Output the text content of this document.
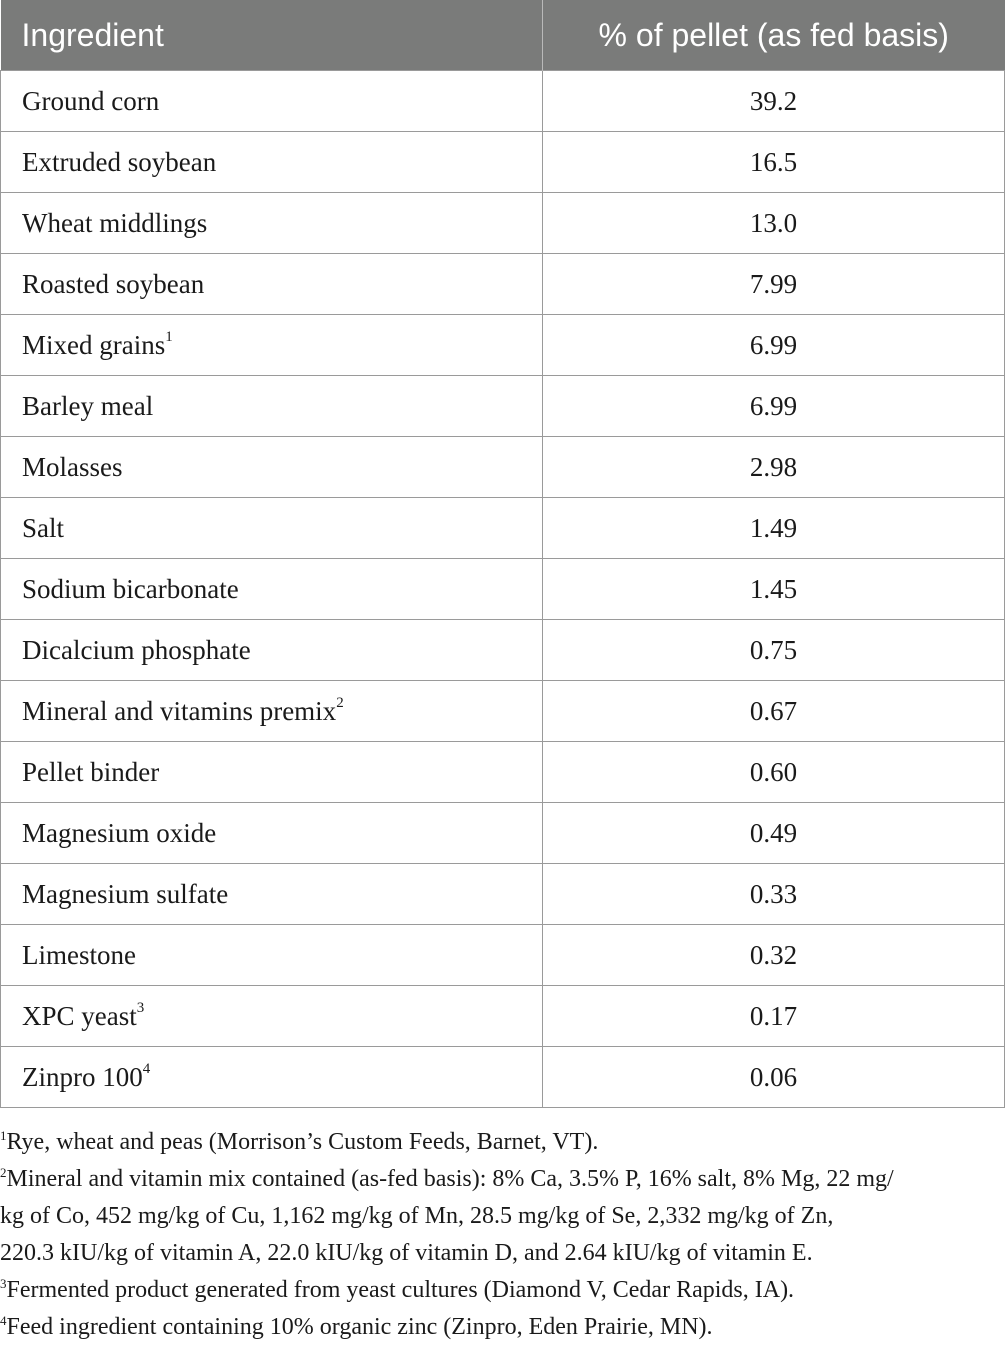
Ingredient	% of pellet (as fed basis)
Ground corn	39.2
Extruded soybean	16.5
Wheat middlings	13.0
Roasted soybean	7.99
Mixed grains$^1$	6.99
Barley meal	6.99
Molasses	2.98
Salt	1.49
Sodium bicarbonate	1.45
Dicalcium phosphate	0.75
Mineral and vitamins premix$^2$	0.67
Pellet binder	0.60
Magnesium oxide	0.49
Magnesium sulfate	0.33
Limestone	0.32
XPC yeast$^3$	0.17
Zinpro $100^4$	0.06
$^1$Rye, wheat and peas (Morrison’s Custom Feeds, Barnet, VT).
$^2$Mineral and vitamin mix contained (as-fed basis): 8% Ca, 3.5% P, 16% salt, 8% Mg, 22 mg/
kg of Co, 452 mg/kg of Cu, 1,162 mg/kg of Mn, 28.5 mg/kg of Se, 2,332 mg/kg of Zn,
220.3 kIU/kg of vitamin A, 22.0 kIU/kg of vitamin D, and 2.64 kIU/kg of vitamin E.
$^3$Fermented product generated from yeast cultures (Diamond V, Cedar Rapids, IA).
$^4$Feed ingredient containing 10% organic zinc (Zinpro, Eden Prairie, MN).
